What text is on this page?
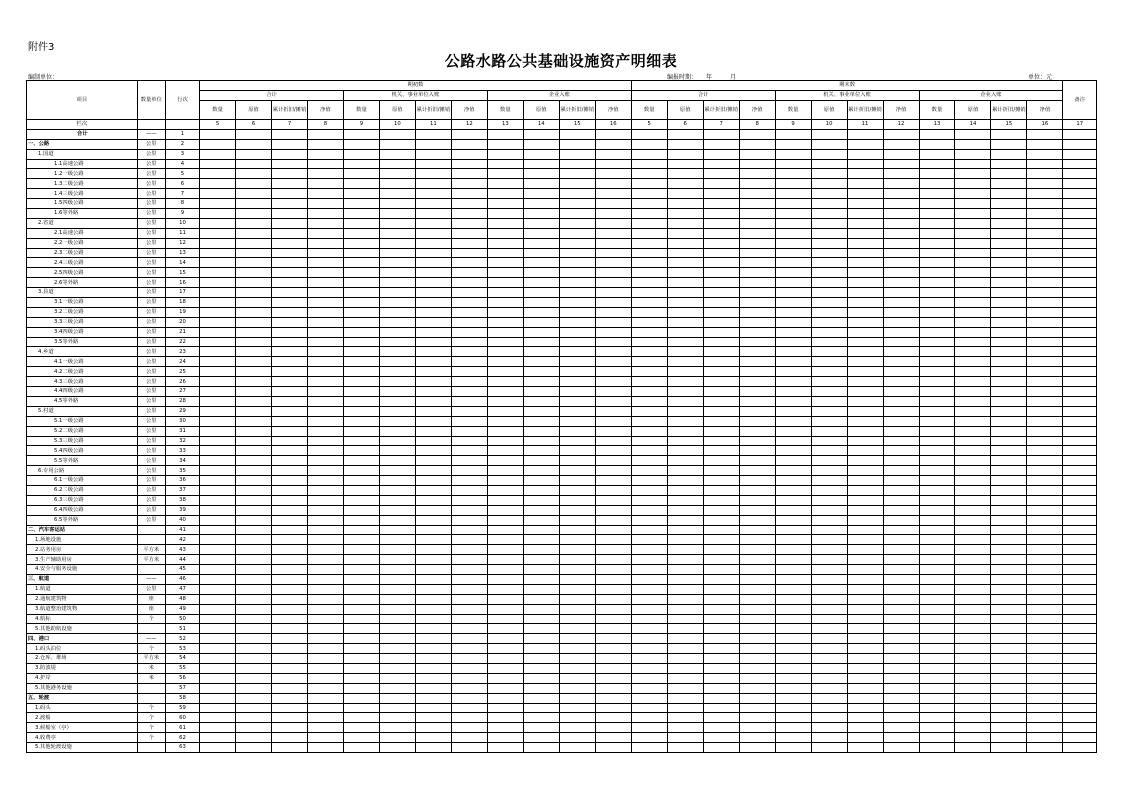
附件3
公路水路公共基础设施资产明细表
编制单位：	编报时期：　　年　　　月	单位：元
项目	数量单位	行次	期初数												期末数												备注
			合计				机关、事业单位入账				企业入账				合计				机关、事业单位入账				企业入账				
			数量	原值	累计折旧/摊销	净值	数量	原值	累计折旧/摊销	净值	数量	原值	累计折旧/摊销	净值	数量	原值	累计折旧/摊销	净值	数量	原值	累计折旧/摊销	净值	数量	原值	累计折旧/摊销	净值	
栏次			5	6	7	8	9	10	11	12	13	14	15	16	5	6	7	8	9	10	11	12	13	14	15	16	17
合计	——	1																									
一、公路	公里	2																									
1.国道	公里	3																									
1.1高速公路	公里	4																									
1.2一级公路	公里	5																									
1.3二级公路	公里	6																									
1.4三级公路	公里	7																									
1.5四级公路	公里	8																									
1.6等外路	公里	9																									
2.省道	公里	10																									
2.1高速公路	公里	11																									
2.2一级公路	公里	12																									
2.3二级公路	公里	13																									
2.4三级公路	公里	14																									
2.5四级公路	公里	15																									
2.6等外路	公里	16																									
3.县道	公里	17																									
3.1一级公路	公里	18																									
3.2二级公路	公里	19																									
3.3三级公路	公里	20																									
3.4四级公路	公里	21																									
3.5等外路	公里	22																									
4.乡道	公里	23																									
4.1一级公路	公里	24																									
4.2二级公路	公里	25																									
4.3三级公路	公里	26																									
4.4四级公路	公里	27																									
4.5等外路	公里	28																									
5.村道	公里	29																									
5.1一级公路	公里	30																									
5.2二级公路	公里	31																									
5.3三级公路	公里	32																									
5.4四级公路	公里	33																									
5.5等外路	公里	34																									
6.专用公路	公里	35																									
6.1一级公路	公里	36																									
6.2二级公路	公里	37																									
6.3三级公路	公里	38																									
6.4四级公路	公里	39																									
6.5等外路	公里	40																									
二、汽车客运站		41																									
1.场地设施		42																									
2.站务用房	平方米	43																									
3.生产辅助用房	平方米	44																									
4.安全与服务设施		45																									
三、航道	——	46																									
1.航道	公里	47																									
2.通航建筑物	座	48																									
3.航道整治建筑物	座	49																									
4.航标	个	50																									
5.其他助航设施		51																									
四、港口	——	52																									
1.码头泊位	个	53																									
2.仓库、堆场	平方米	54																									
3.防波堤	米	55																									
4.护岸	米	56																									
5.其他港务设施		57																									
五、轮渡		58																									
1.码头	个	59																									
2.渡船	个	60																									
3.候船室（亭）	个	61																									
4.收费亭	个	62																									
5.其他轮渡设施		63																									
